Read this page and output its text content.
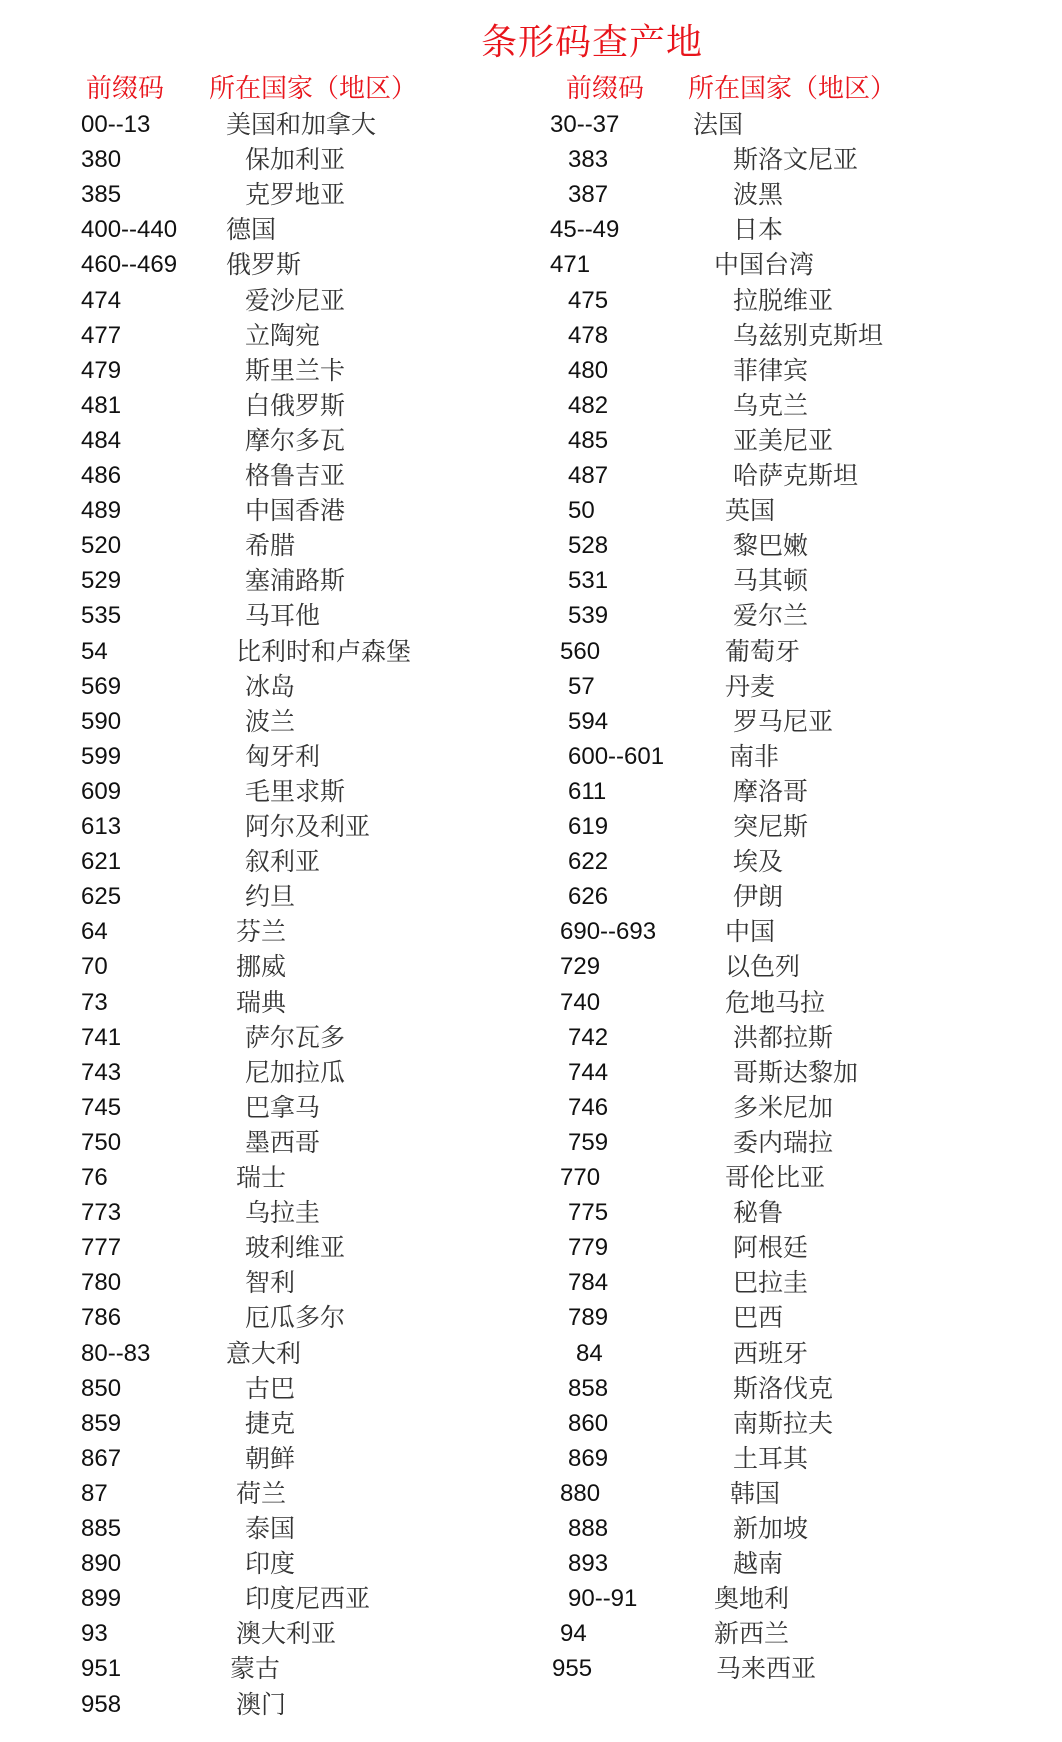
条形码查产地
前缀码 所在国家（地区）	前缀码 所在国家（地区）
00--13	美国和加拿大
380	保加利亚
385	克罗地亚
400--440 德国
460--469 俄罗斯
474	爱沙尼亚
477	立陶宛
479	斯里兰卡
481	白俄罗斯
484	摩尔多瓦
486	格鲁吉亚
489	中国香港
520	希腊
529	塞浦路斯
535	马耳他
54	比利时和卢森堡
569	冰岛
590	波兰
599	匈牙利
609	毛里求斯
613	阿尔及利亚
621	叙利亚
625	约旦
64	芬兰
70	挪威
73	瑞典
741	萨尔瓦多
743	尼加拉瓜
745	巴拿马
750	墨西哥
76	瑞士
773	乌拉圭
777	玻利维亚
780	智利
786	厄瓜多尔
80--83	意大利
850	古巴
859	捷克
867	朝鲜
87	荷兰
885	泰国
890	印度
899	印度尼西亚
93	澳大利亚
951	蒙古
958	澳门
30--37	法国
383	斯洛文尼亚
387	波黑
45--49	日本
471	中国台湾
475	拉脱维亚
478	乌兹别克斯坦
480	菲律宾
482	乌克兰
485	亚美尼亚
487	哈萨克斯坦
50	英国
528	黎巴嫩
531	马其顿
539	爱尔兰
560	葡萄牙
57	丹麦
594	罗马尼亚
600--601	南非
611	摩洛哥
619	突尼斯
622	埃及
626	伊朗
690--693	中国
729	以色列
740	危地马拉
742	洪都拉斯
744	哥斯达黎加
746	多米尼加
759	委内瑞拉
770	哥伦比亚
775	秘鲁
779	阿根廷
784	巴拉圭
789	巴西
84	西班牙
858	斯洛伐克
860	南斯拉夫
869	土耳其
880	韩国
888	新加坡
893	越南
90--91	奥地利
94	新西兰
955	马来西亚
